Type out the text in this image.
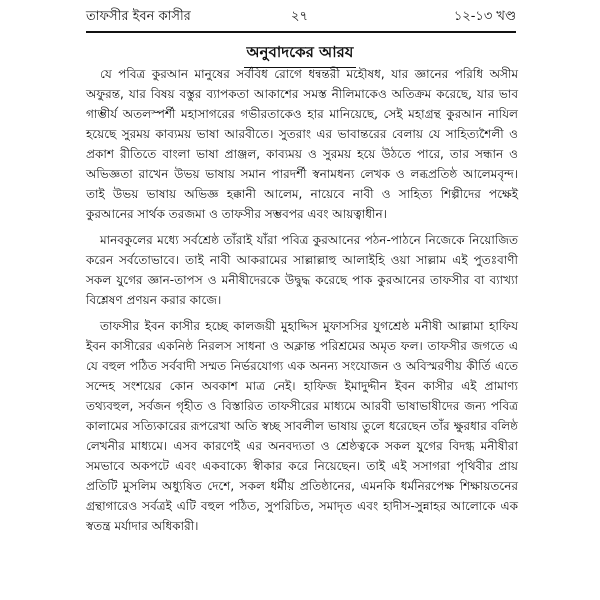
তাফসীর ইবন কাসীর	২৭	১২-১৩ খণ্ড
অনুবাদকের আরয

যে পবিত্র কুরআন মানুষের সর্ববিধ রোগে ধন্বন্তরী মহৌষধ, যার জ্ঞানের পরিধি অসীম অফুরন্ত, যার বিষয় বস্তুর ব্যাপকতা আকাশের সমস্ত নীলিমাকেও অতিক্রম করেছে, যার ভাব গাম্ভীর্য অতলস্পর্শী মহাসাগরের গভীরতাকেও হার মানিয়েছে, সেই মহাগ্রন্থ কুরআন নাযিল হয়েছে সুরময় কাব্যময় ভাষা আরবীতে। সুতরাং এর ভাবান্তরের বেলায় যে সাহিত্যশৈলী ও প্রকাশ রীতিতে বাংলা ভাষা প্রাঞ্জল, কাব্যময় ও সুরময় হয়ে উঠতে পারে, তার সন্ধান ও অভিজ্ঞতা রাখেন উভয় ভাষায় সমান পারদর্শী স্বনামধন্য লেখক ও লব্ধপ্রতিষ্ঠ আলেমবৃন্দ। তাই উভয় ভাষায় অভিজ্ঞ হক্কানী আলেম, নায়েবে নাবী ও সাহিত্য শিল্পীদের পক্ষেই কুরআনের সার্থক তরজমা ও তাফসীর সম্ভবপর এবং আয়ত্বাধীন।

মানবকুলের মধ্যে সর্বশ্রেষ্ঠ তাঁরাই যাঁরা পবিত্র কুরআনের পঠন-পাঠনে নিজেকে নিয়োজিত করেন সর্বতোভাবে। তাই নাবী আকরামের সাল্লাল্লাহু আলাইহি ওয়া সাল্লাম এই পুতঃবাণী সকল যুগের জ্ঞান-তাপস ও মনীষীদেরকে উদ্বুদ্ধ করেছে পাক কুরআনের তাফসীর বা ব্যাখ্যা বিশ্লেষণ প্রণয়ন করার কাজে।

তাফসীর ইবন কাসীর হচ্ছে কালজয়ী মুহাদ্দিস মুফাসসির যুগশ্রেষ্ঠ মনীষী আল্লামা হাফিয ইবন কাসীরের একনিষ্ঠ নিরলস সাধনা ও অক্লান্ত পরিশ্রমের অমৃত ফল। তাফসীর জগতে এ যে বহুল পঠিত সর্ববাদী সম্মত নির্ভরযোগ্য এক অনন্য সংযোজন ও অবিস্মরণীয় কীর্তি এতে সন্দেহ সংশয়ের কোন অবকাশ মাত্র নেই। হাফিজ ইমাদুদ্দীন ইবন কাসীর এই প্রামাণ্য তথ্যবহুল, সর্বজন গৃহীত ও বিস্তারিত তাফসীরের মাধ্যমে আরবী ভাষাভাষীদের জন্য পবিত্র কালামের সত্যিকারের রূপরেখা অতি স্বচ্ছ সাবলীল ভাষায় তুলে ধরেছেন তাঁর ক্ষুরধার বলিষ্ঠ লেখনীর মাধ্যমে। এসব কারণেই এর অনবদ্যতা ও শ্রেষ্ঠত্বকে সকল যুগের বিদগ্ধ মনীষীরা সমভাবে অকপটে এবং একবাক্যে স্বীকার করে নিয়েছেন। তাই এই সসাগরা পৃথিবীর প্রায় প্রতিটি মুসলিম অধ্যুষিত দেশে, সকল ধর্মীয় প্রতিষ্ঠানের, এমনকি ধর্মনিরপেক্ষ শিক্ষায়তনের গ্রন্থাগারেও সর্বত্রই এটি বহুল পঠিত, সুপরিচিত, সমাদৃত এবং হাদীস-সুন্নাহর আলোকে এক স্বতন্ত্র মর্যাদার অধিকারী।
